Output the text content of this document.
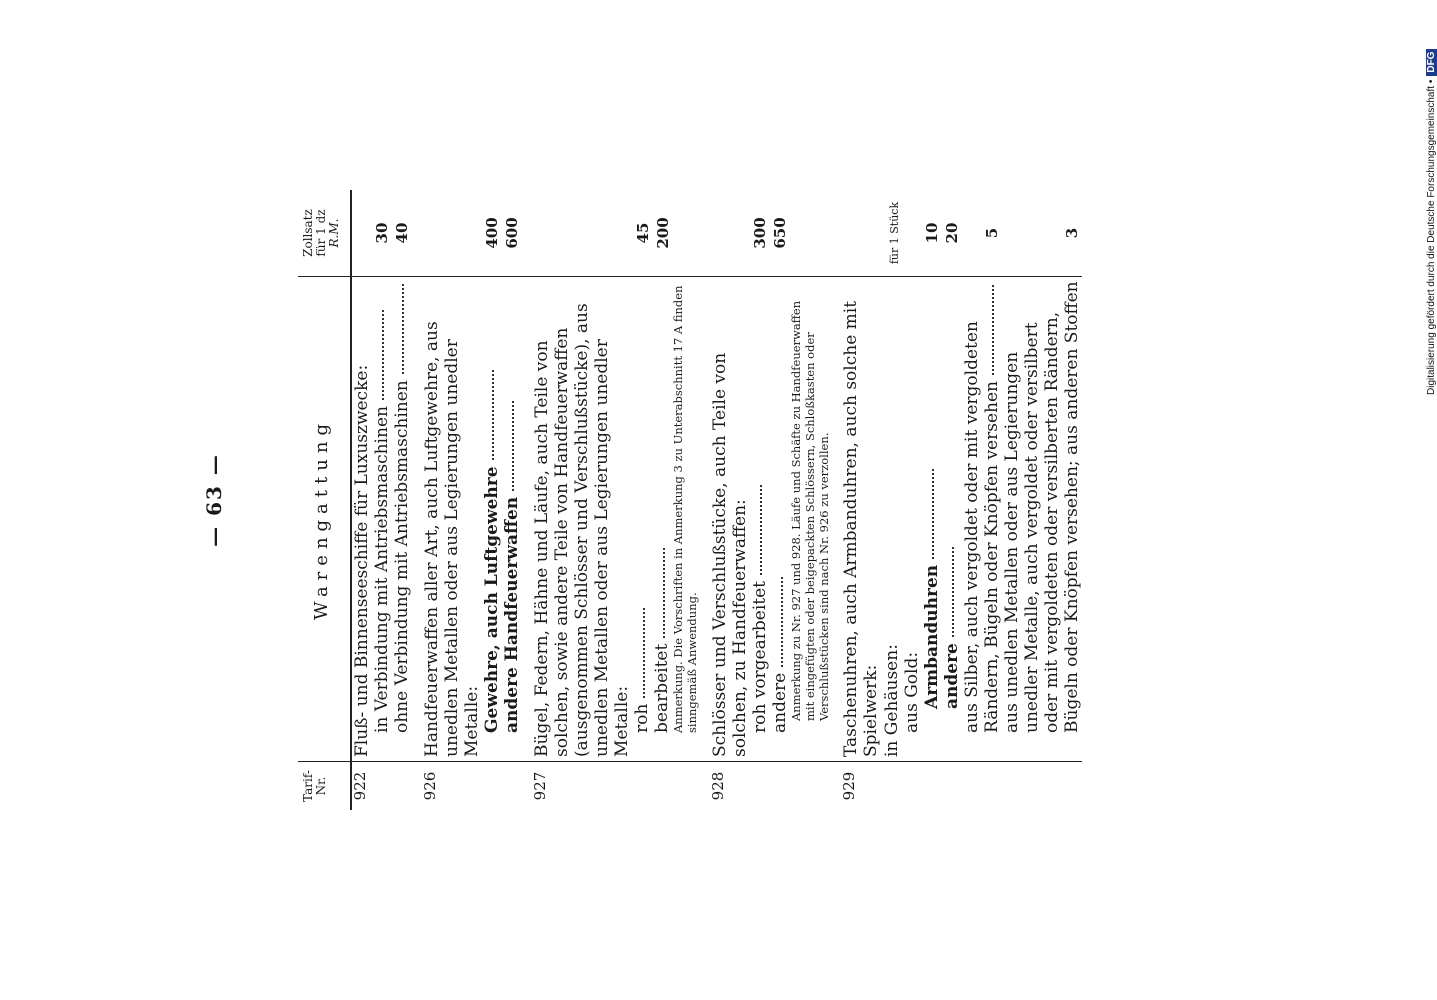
— 63 —
Tarif-
Nr.	Warengattung	Zollsatz
für 1 dz
R.M.
922	Fluß- und Binnenseeschiffe für Luxuszwecke:	

	in Verbindung mit Antriebsmaschinen	30

	ohne Verbindung mit Antriebsmaschinen	40

926	Handfeuerwaffen aller Art, auch Luftgewehre, aus unedlen Metallen oder aus Legierungen unedler Metalle:	

	Gewehre, auch Luftgewehre	400

	andere Handfeuerwaffen	600

927	Bügel, Federn, Hähne und Läufe, auch Teile von solchen, sowie andere Teile von Handfeuerwaffen (ausgenommen Schlösser und Verschlußstücke), aus unedlen Metallen oder aus Legierungen unedler Metalle:	

	roh	45

	bearbeitet	200

	Anmerkung. Die Vorschriften in Anmerkung 3 zu Unterabschnitt 17 A finden sinngemäß Anwendung.	

928	Schlösser und Verschlußstücke, auch Teile von solchen, zu Handfeuerwaffen:	

	roh vorgearbeitet	300

	andere	650

	Anmerkung zu Nr. 927 und 928. Läufe und Schäfte zu Handfeuerwaffen mit eingefügten oder beigepackten Schlössern, Schloßkasten oder Verschlußstücken sind nach Nr. 926 zu verzollen.	

929	Taschenuhren, auch Armbanduhren, auch solche mit Spielwerk:	

	in Gehäusen:	für 1 Stück

	aus Gold:	

	Armbanduhren	10

	andere	20

	aus Silber, auch vergoldet oder mit vergoldeten Rändern, Bügeln oder Knöpfen versehen	5

	aus unedlen Metallen oder aus Legierungen unedler Metalle, auch vergoldet oder versilbert oder mit vergoldeten oder versilberten Rändern, Bügeln oder Knöpfen versehen; aus anderen Stoffen	3	Digitalisierung gefördert durch die Deutsche Forschungsgemeinschaft •DFG
